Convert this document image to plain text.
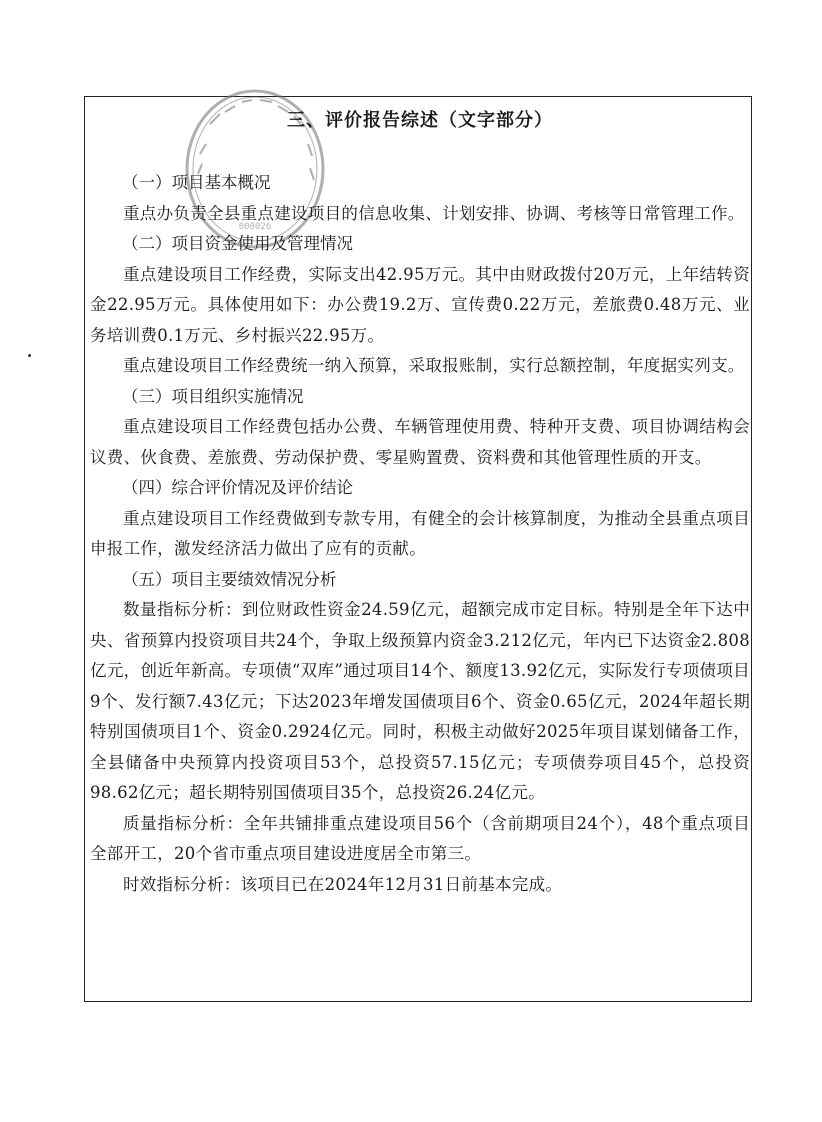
000026
三、评价报告综述（文字部分）

（一）项目基本概况

重点办负责全县重点建设项目的信息收集、计划安排、协调、考核等日常管理工作。

（二）项目资金使用及管理情况

重点建设项目工作经费，实际支出42.95万元。其中由财政拨付20万元，上年结转资金22.95万元。具体使用如下：办公费19.2万、宣传费0.22万元，差旅费0.48万元、业务培训费0.1万元、乡村振兴22.95万。

重点建设项目工作经费统一纳入预算，采取报账制，实行总额控制，年度据实列支。

（三）项目组织实施情况

重点建设项目工作经费包括办公费、车辆管理使用费、特种开支费、项目协调结构会议费、伙食费、差旅费、劳动保护费、零星购置费、资料费和其他管理性质的开支。

（四）综合评价情况及评价结论

重点建设项目工作经费做到专款专用，有健全的会计核算制度，为推动全县重点项目申报工作，激发经济活力做出了应有的贡献。

（五）项目主要绩效情况分析

数量指标分析：到位财政性资金24.59亿元，超额完成市定目标。特别是全年下达中央、省预算内投资项目共24个，争取上级预算内资金3.212亿元，年内已下达资金2.808亿元，创近年新高。专项债“双库”通过项目14个、额度13.92亿元，实际发行专项债项目9个、发行额7.43亿元；下达2023年增发国债项目6个、资金0.65亿元，2024年超长期特别国债项目1个、资金0.2924亿元。同时，积极主动做好2025年项目谋划储备工作，全县储备中央预算内投资项目53个，总投资57.15亿元；专项债券项目45个，总投资98.62亿元；超长期特别国债项目35个，总投资26.24亿元。

质量指标分析：全年共铺排重点建设项目56个（含前期项目24个），48个重点项目全部开工，20个省市重点项目建设进度居全市第三。

时效指标分析：该项目已在2024年12月31日前基本完成。
